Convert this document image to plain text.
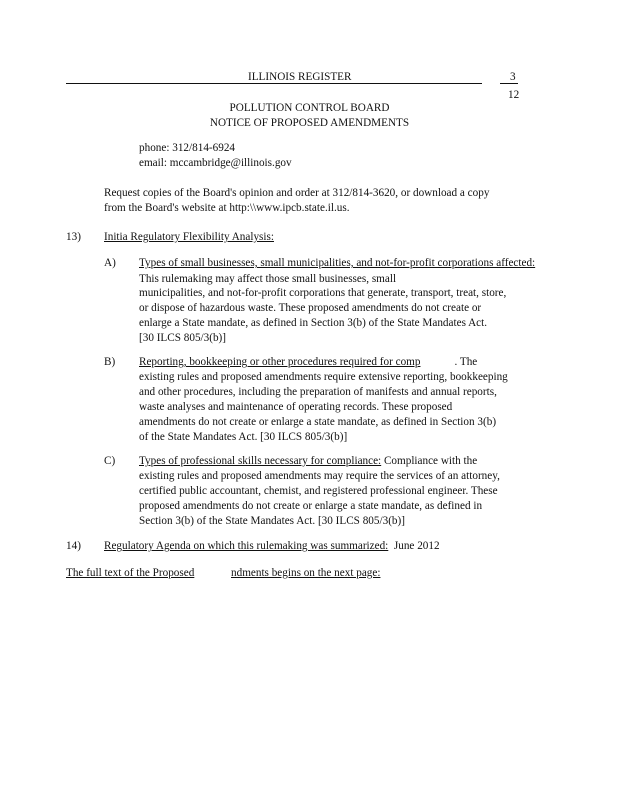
ILLINOIS REGISTER	3
12
POLLUTION CONTROL BOARD
NOTICE OF PROPOSED AMENDMENTS
phone: 312/814-6924
email: mccambridge@illinois.gov
Request copies of the Board's opinion and order at 312/814-3620, or download a copy
from the Board's website at http:\\www.ipcb.state.il.us.
13) Initia Regulatory Flexibility Analysis:
A) Types of small businesses, small municipalities, and not-for-profit corporations affected: This rulemaking may affect those small businesses, small
municipalities, and not-for-profit corporations that generate, transport, treat, store,
or dispose of hazardous waste. These proposed amendments do not create or
enlarge a State mandate, as defined in Section 3(b) of the State Mandates Act.
[30 ILCS 805/3(b)]
B) Reporting, bookkeeping or other procedures required for comp	. The
existing rules and proposed amendments require extensive reporting, bookkeeping
and other procedures, including the preparation of manifests and annual reports,
waste analyses and maintenance of operating records. These proposed
amendments do not create or enlarge a state mandate, as defined in Section 3(b)
of the State Mandates Act. [30 ILCS 805/3(b)]
C) Types of professional skills necessary for compliance: Compliance with the
existing rules and proposed amendments may require the services of an attorney,
certified public accountant, chemist, and registered professional engineer. These
proposed amendments do not create or enlarge a state mandate, as defined in
Section 3(b) of the State Mandates Act. [30 ILCS 805/3(b)]
14) Regulatory Agenda on which this rulemaking was summarized: June 2012
The full text of the Proposed	ndments begins on the next page:
